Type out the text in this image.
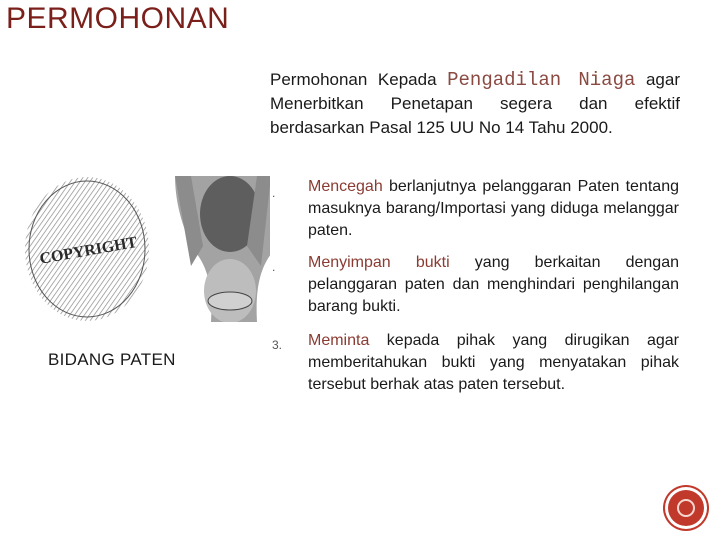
PERMOHONAN
Permohonan Kepada Pengadilan Niaga agar Menerbitkan Penetapan segera dan efektif berdasarkan Pasal 125 UU No 14 Tahu 2000.
COPYRIGHT
BIDANG PATEN
. Mencegah berlanjutnya pelanggaran Paten tentang masuknya barang/Importasi yang diduga melanggar paten.
. Menyimpan bukti yang berkaitan dengan pelanggaran paten dan menghindari penghilangan barang bukti.
3. Meminta kepada pihak yang dirugikan agar memberitahukan bukti yang menyatakan pihak tersebut berhak atas paten tersebut.
